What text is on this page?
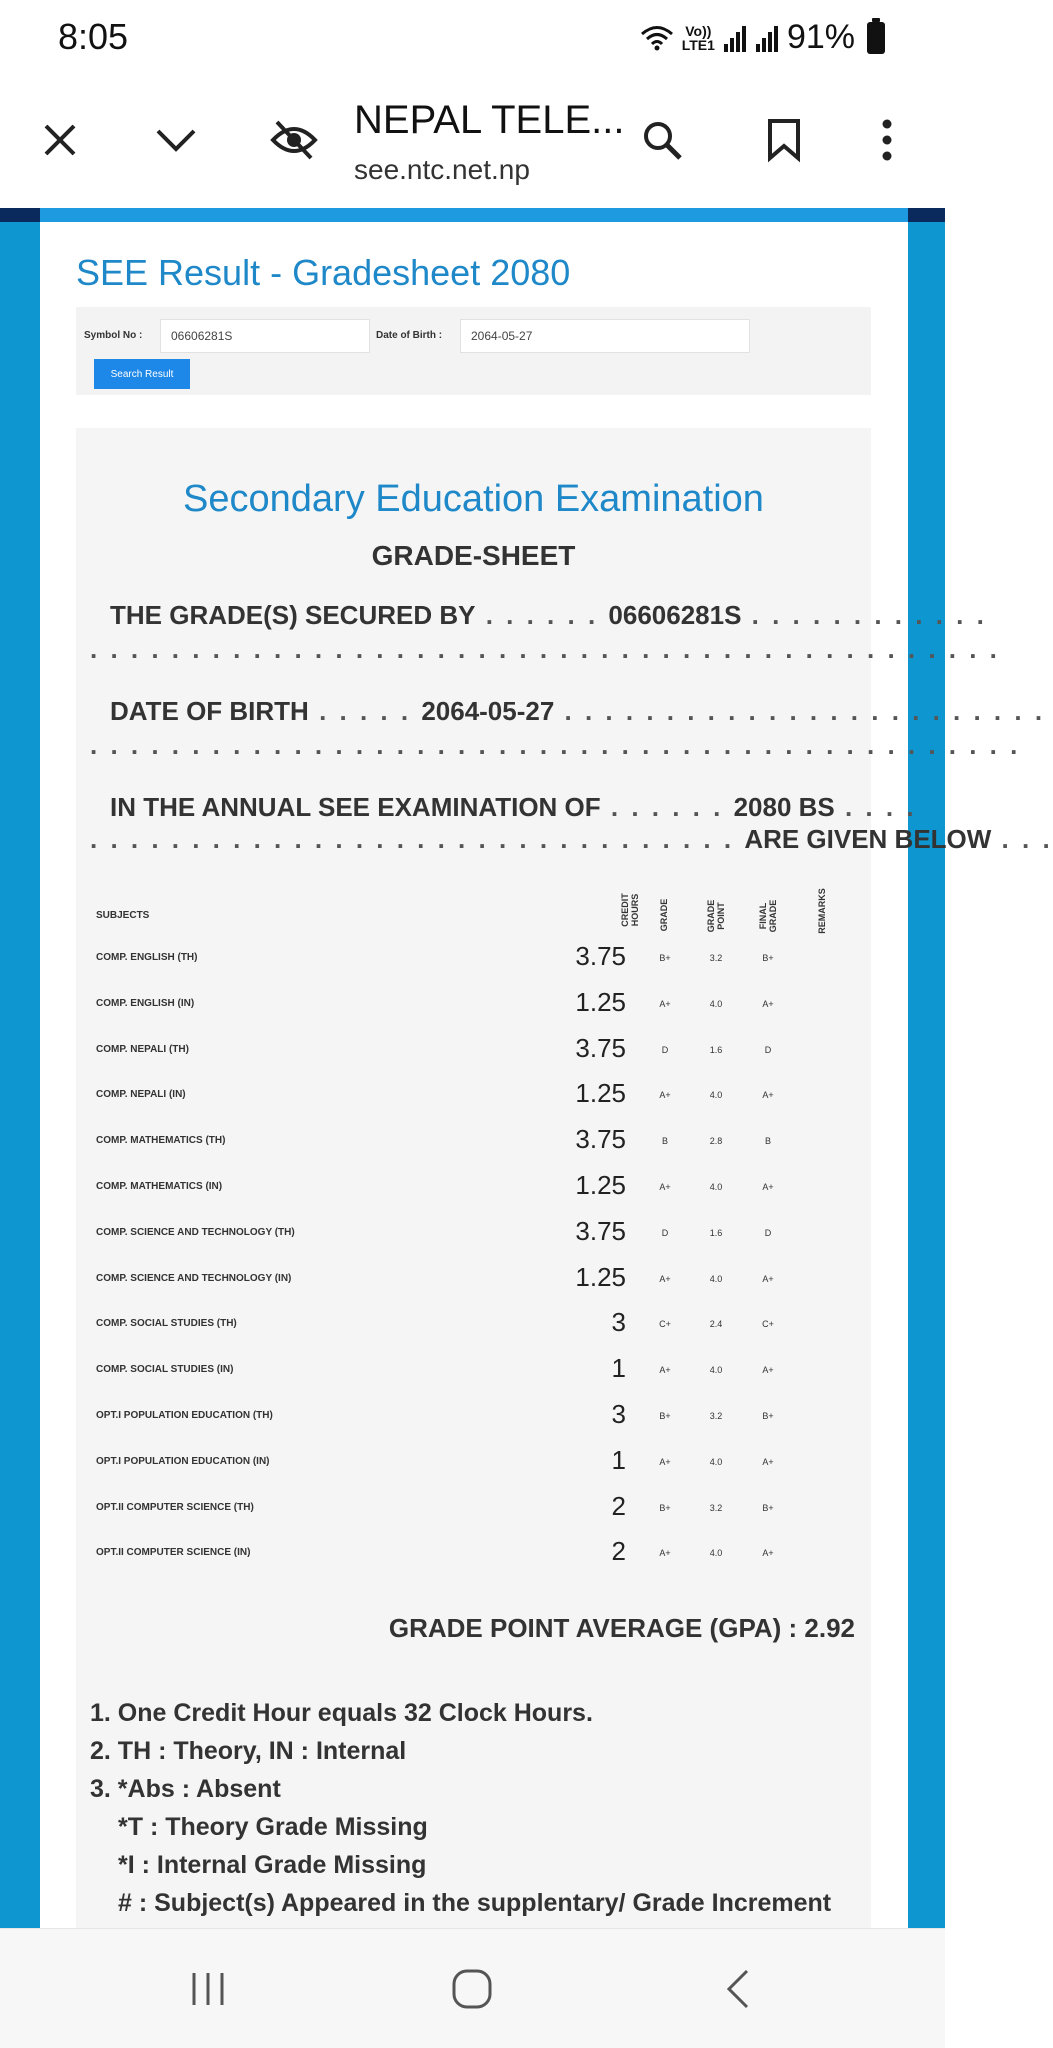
8:05	Vo))
LTE1 91%
NEPAL TELE...
see.ntc.net.np
SEE Result - Gradesheet 2080
Symbol No :	06606281S	Date of Birth :	2064-05-27
Search Result
Secondary Education Examination
GRADE-SHEET
THE GRADE(S) SECURED BY . . . . . . 06606281S . . . . . . . . . . . .
. . . . . . . . . . . . . . . . . . . . . . . . . . . . . . . . . . . . . . . . . . . . .
DATE OF BIRTH . . . . . 2064-05-27 . . . . . . . . . . . . . . . . . . . . . . . .
. . . . . . . . . . . . . . . . . . . . . . . . . . . . . . . . . . . . . . . . . . . . . .
IN THE ANNUAL SEE EXAMINATION OF . . . . . . 2080 BS . . . .
. . . . . . . . . . . . . . . . . . . . . . . . . . . . . . . . ARE GIVEN BELOW . . .
SUBJECTS	CREDIT HOURS	GRADE	GRADE POINT	FINAL GRADE	REMARKS
COMP. ENGLISH (TH)	3.75	B+	3.2	B+
COMP. ENGLISH (IN)	1.25	A+	4.0	A+
COMP. NEPALI (TH)	3.75	D	1.6	D
COMP. NEPALI (IN)	1.25	A+	4.0	A+
COMP. MATHEMATICS (TH)	3.75	B	2.8	B
COMP. MATHEMATICS (IN)	1.25	A+	4.0	A+
COMP. SCIENCE AND TECHNOLOGY (TH)	3.75	D	1.6	D
COMP. SCIENCE AND TECHNOLOGY (IN)	1.25	A+	4.0	A+
COMP. SOCIAL STUDIES (TH)	3	C+	2.4	C+
COMP. SOCIAL STUDIES (IN)	1	A+	4.0	A+
OPT.I POPULATION EDUCATION (TH)	3	B+	3.2	B+
OPT.I POPULATION EDUCATION (IN)	1	A+	4.0	A+
OPT.II COMPUTER SCIENCE (TH)	2	B+	3.2	B+
OPT.II COMPUTER SCIENCE (IN)	2	A+	4.0	A+
GRADE POINT AVERAGE (GPA) : 2.92
1. One Credit Hour equals 32 Clock Hours.
2. TH : Theory, IN : Internal
3. *Abs : Absent
*T : Theory Grade Missing
*I : Internal Grade Missing
# : Subject(s) Appeared in the supplentary/ Grade Increment
